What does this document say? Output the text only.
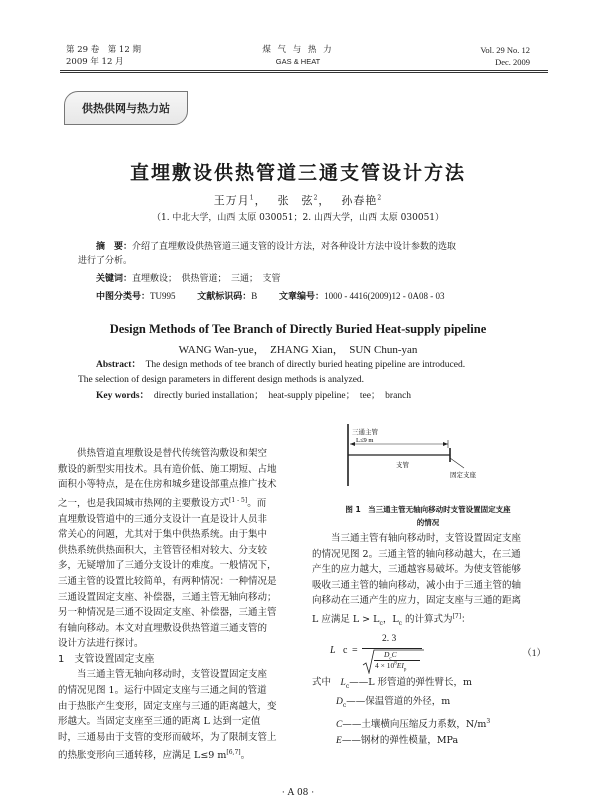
第 29 卷　第 12 期
2009 年 12 月
煤 气 与 热 力
GAS & HEAT
Vol. 29 No. 12
Dec. 2009
供热供网与热力站
直埋敷设供热管道三通支管设计方法
王万月$^1$，　 张　弦$^2$，　 孙春艳$^2$
（1. 中北大学，山西 太原 030051；2. 山西大学，山西 太原 030051）
摘　要：介绍了直埋敷设供热管道三通支管的设计方法，对各种设计方法中设计参数的选取
进行了分析。
关键词：直埋敷设；　供热管道；　三通；　支管
中图分类号：TU995 文献标识码：B 文章编号：1000 - 4416(2009)12 - 0A08 - 03
Design Methods of Tee Branch of Directly Buried Heat-supply pipeline
WANG Wan-yue，　ZHANG Xian，　SUN Chun-yan
Abstract：　 The design methods of tee branch of directly buried heating pipeline are introduced.
The selection of design parameters in different design methods is analyzed.
Key words：　 directly buried installation；　heat-supply pipeline；　tee；　branch
供热管道直埋敷设是替代传统管沟敷设和架空
敷设的新型实用技术。具有造价低、施工期短、占地
面积小等特点，是在住房和城乡建设部重点推广技术
之一，也是我国城市热网的主要敷设方式[1 - 5]。而
直埋敷设管道中的三通分支设计一直是设计人员非
常关心的问题，尤其对于集中供热系统。由于集中
供热系统供热面积大，主管管径相对较大、分支较
多，无疑增加了三通分支设计的难度。一般情况下，
三通主管的设置比较简单，有两种情况：一种情况是
三通设置固定支座、补偿器，三通主管无轴向移动；
另一种情况是三通不设固定支座、补偿器，三通主管
有轴向移动。本文对直埋敷设供热管道三通支管的
设计方法进行探讨。
1　支管设置固定支座
当三通主管无轴向移动时，支管设置固定支座
的情况见图 1。运行中固定支座与三通之间的管道
由于热胀产生变形，固定支座与三通的距离越大，变
形越大。当固定支座至三通的距离 L 达到一定值
时，三通易由于支管的变形而破坏，为了限制支管上
的热胀变形向三通转移，应满足 L≤9 m[6,7]。
三通主管
L≤9 m
支管
固定支座
图 1　当三通主管无轴向移动时支管设置固定支座
的情况
当三通主管有轴向移动时，支管设置固定支座
的情况见图 2。三通主管的轴向移动越大，在三通
产生的应力越大，三通越容易破坏。为使支管能够
吸收三通主管的轴向移动，减小由于三通主管的轴
向移动在三通产生的应力，固定支座与三通的距离
L 应满足 $L > L_c$，$L_c$ 的计算式为[7]：
L c =
2. 3
$D_cC$
$4 \times 10^8EI_p$
（1）
式中　 $L_c——L$ 形管道的弹性臂长，m
$D_c——$保温管道的外径，m
C——土壤横向压缩反力系数，$N/m^3$
E——钢材的弹性模量，MPa
· A 08 ·
